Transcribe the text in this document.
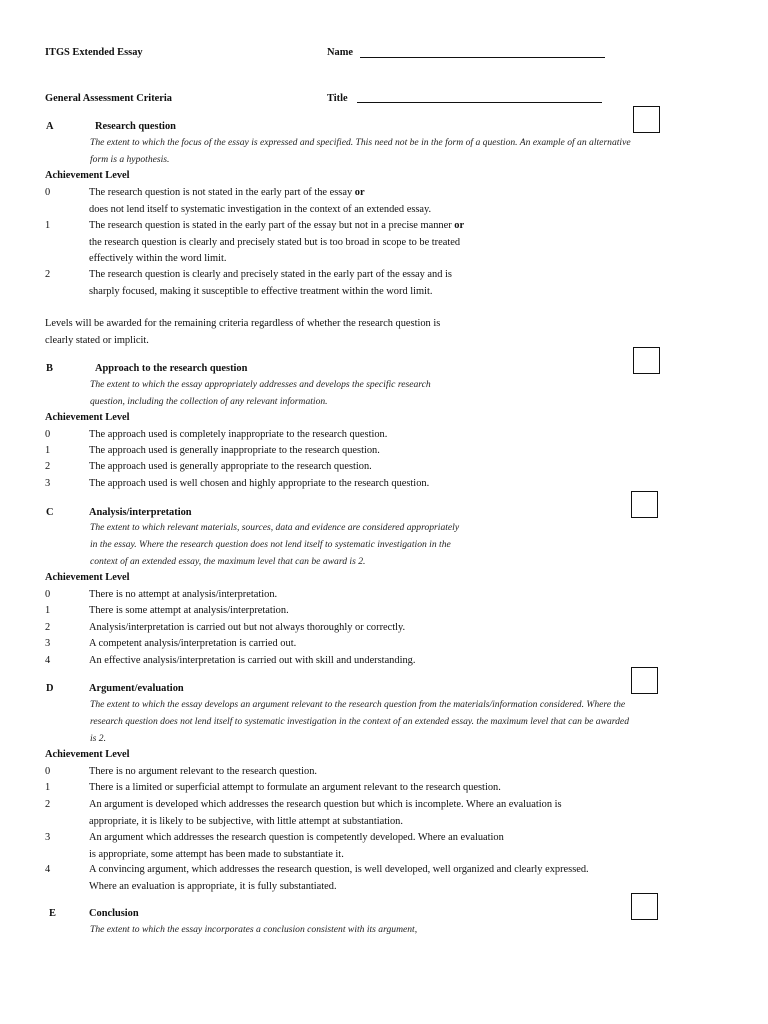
ITGS Extended Essay	Name
General Assessment Criteria	Title
A	Research question
The extent to which the focus of the essay is expressed and specified. This need not be in the form of a question. An example of an alternative
form is a hypothesis.
Achievement Level
0	The research question is not stated in the early part of the essay or
does not lend itself to systematic investigation in the context of an extended essay.
1	The research question is stated in the early part of the essay but not in a precise manner or
the research question is clearly and precisely stated but is too broad in scope to be treated
effectively within the word limit.
2	The research question is clearly and precisely stated in the early part of the essay and is
sharply focused, making it susceptible to effective treatment within the word limit.
Levels will be awarded for the remaining criteria regardless of whether the research question is
clearly stated or implicit.
B	Approach to the research question
The extent to which the essay appropriately addresses and develops the specific research
question, including the collection of any relevant information.
Achievement Level
0	The approach used is completely inappropriate to the research question.
1	The approach used is generally inappropriate to the research question.
2	The approach used is generally appropriate to the research question.
3	The approach used is well chosen and highly appropriate to the research question.
C	Analysis/interpretation
The extent to which relevant materials, sources, data and evidence are considered appropriately
in the essay. Where the research question does not lend itself to systematic investigation in the
context of an extended essay, the maximum level that can be award is 2.
Achievement Level
0	There is no attempt at analysis/interpretation.
1	There is some attempt at analysis/interpretation.
2	Analysis/interpretation is carried out but not always thoroughly or correctly.
3	A competent analysis/interpretation is carried out.
4	An effective analysis/interpretation is carried out with skill and understanding.
D	Argument/evaluation
The extent to which the essay develops an argument relevant to the research question from the materials/information considered. Where the
research question does not lend itself to systematic investigation in the context of an extended essay. the maximum level that can be awarded
is 2.
Achievement Level
0	There is no argument relevant to the research question.
1	There is a limited or superficial attempt to formulate an argument relevant to the research question.
2	An argument is developed which addresses the research question but which is incomplete. Where an evaluation is
appropriate, it is likely to be subjective, with little attempt at substantiation.
3	An argument which addresses the research question is competently developed. Where an evaluation
is appropriate, some attempt has been made to substantiate it.
4	A convincing argument, which addresses the research question, is well developed, well organized and clearly expressed.
Where an evaluation is appropriate, it is fully substantiated.
E	Conclusion
The extent to which the essay incorporates a conclusion consistent with its argument,
